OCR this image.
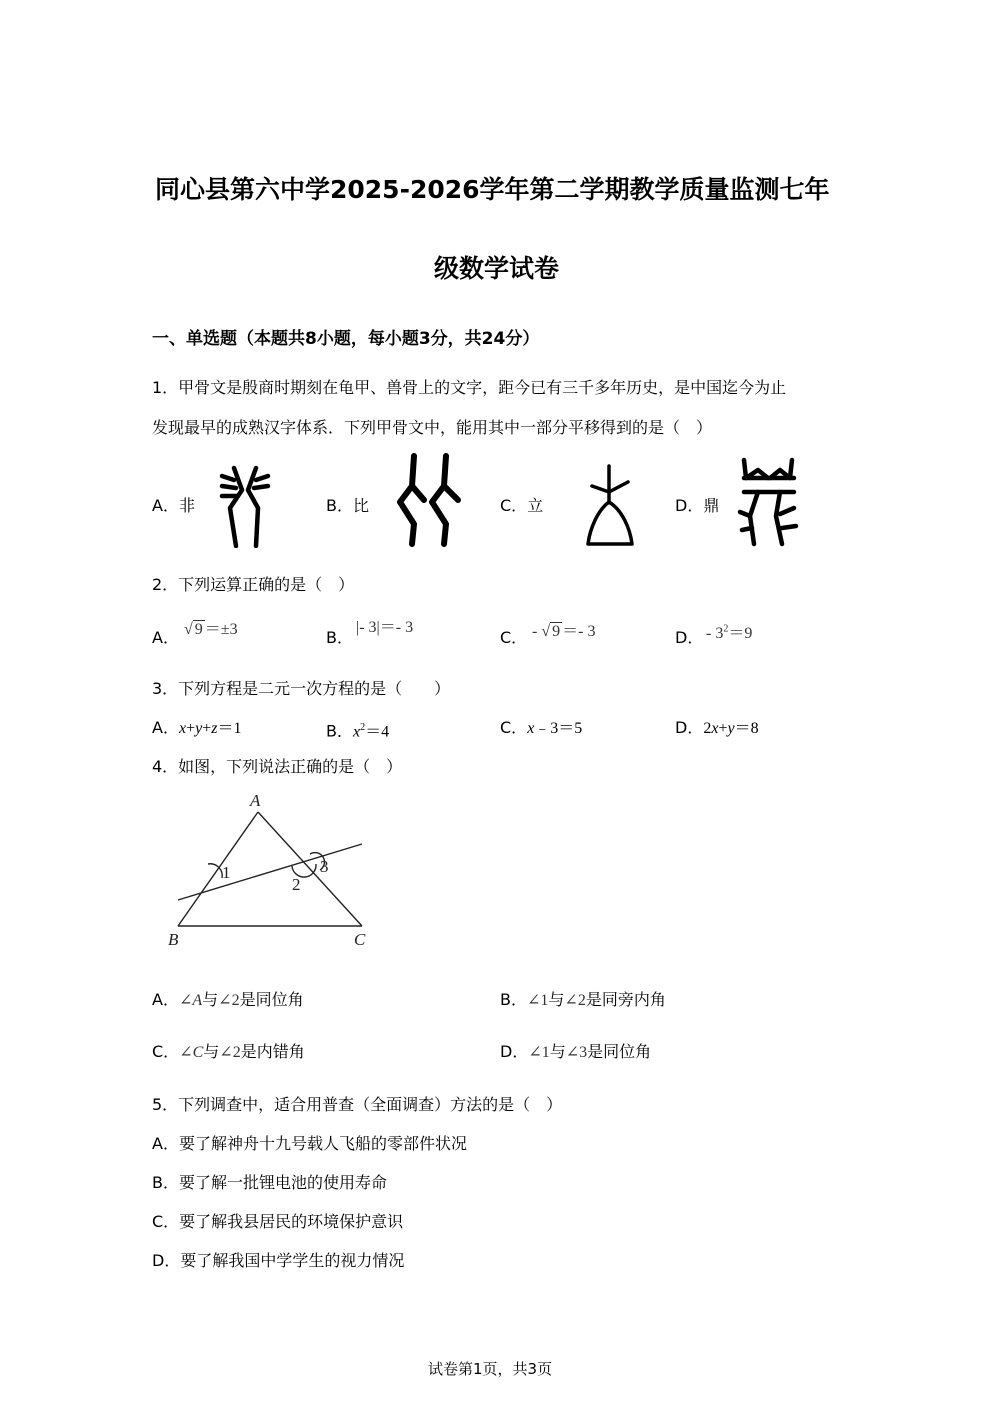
同心县第六中学2025-2026学年第二学期教学质量监测七年
级数学试卷
一、单选题（本题共8小题，每小题3分，共24分）
1．甲骨文是殷商时期刻在龟甲、兽骨上的文字，距今已有三千多年历史，是中国迄今为止
发现最早的成熟汉字体系．下列甲骨文中，能用其中一部分平移得到的是（　）
A．非	B．比	C．立	D．鼎
2．下列运算正确的是（　）
A． √ 9 ＝±3	B．
|- 3|＝- 3
C． - √ 9 ＝- 3	D． - $3^2=9$
3．下列方程是二元一次方程的是（　　）
A．x+y+z＝1	B．$x^2=4$	C．x﹣3＝5	D．2x+y＝8
4．如图，下列说法正确的是（　）
A
B	C
1
2
3
A．∠A与∠2是同位角	B．∠1与∠2是同旁内角
C．∠C与∠2是内错角	D．∠1与∠3是同位角
5．下列调查中，适合用普查（全面调查）方法的是（　）
A．要了解神舟十九号载人飞船的零部件状况
B．要了解一批锂电池的使用寿命
C．要了解我县居民的环境保护意识
D．要了解我国中学学生的视力情况
试卷第1页，共3页
